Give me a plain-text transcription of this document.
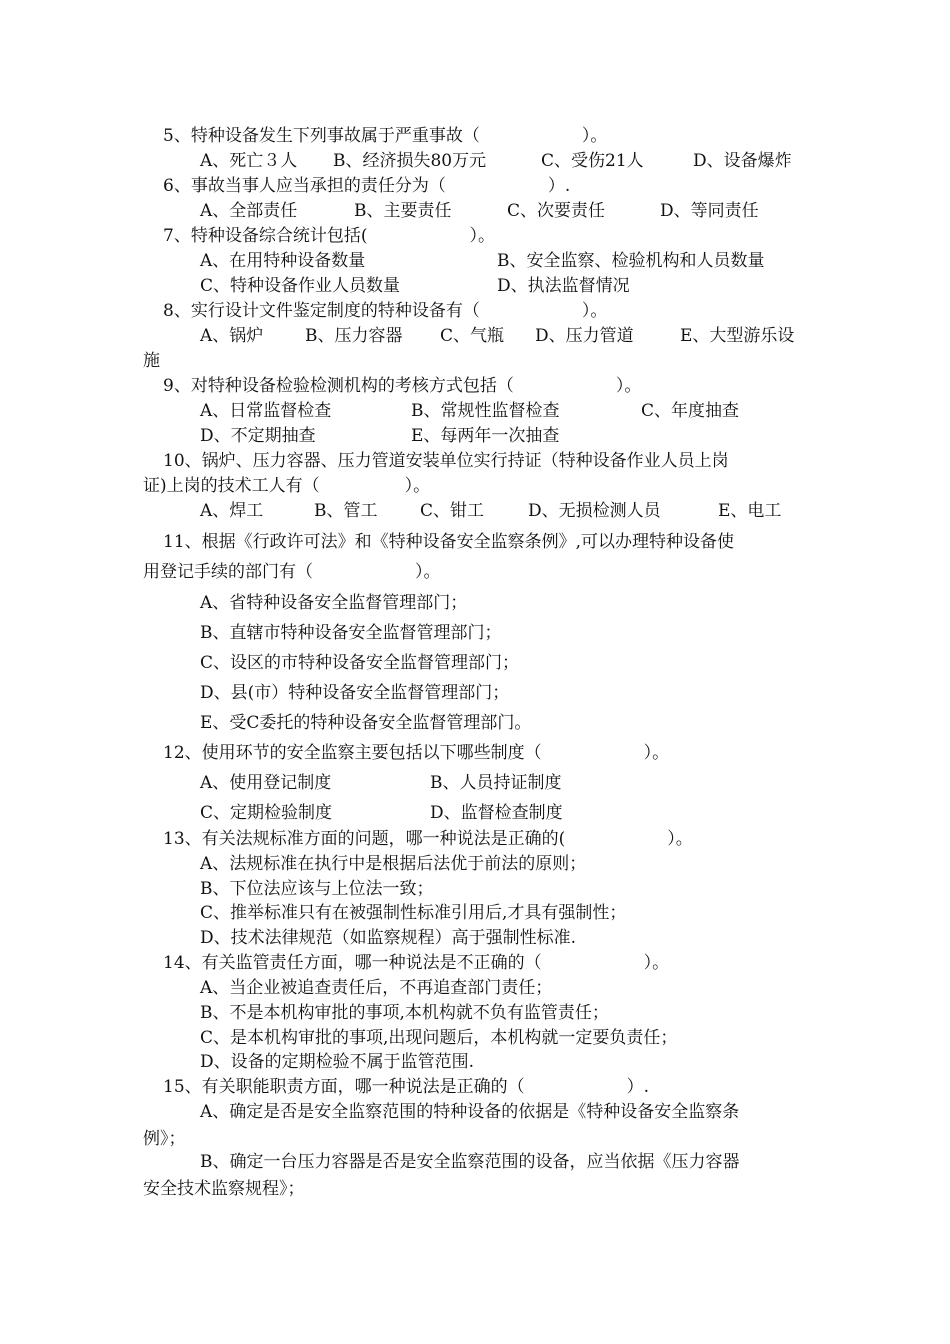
5、特种设备发生下列事故属于严重事故（　　　　　　）。
A、死亡３人 B、经济损失80万元	C、受伤21人	D、设备爆炸
6、事故当事人应当承担的责任分为（　　　　　　）.
A、全部责任	B、主要责任	C、次要责任	D、等同责任
7、特种设备综合统计包括(　　　　　　）。
A、在用特种设备数量	B、安全监察、检验机构和人员数量
C、特种设备作业人员数量	D、执法监督情况
8、实行设计文件鉴定制度的特种设备有（　　　　　　）。
A、锅炉 B、压力容器 C、气瓶 D、压力管道	E、大型游乐设
施
9、对特种设备检验检测机构的考核方式包括（　　　　　　）。
A、日常监督检查	B、常规性监督检查	C、年度抽查
D、不定期抽查	E、每两年一次抽查
10、锅炉、压力容器、压力管道安装单位实行持证（特种设备作业人员上岗
证)上岗的技术工人有（　　　　　）。
A、焊工	B、管工	C、钳工	D、无损检测人员	E、电工
11、根据《行政许可法》和《特种设备安全监察条例》,可以办理特种设备使
用登记手续的部门有（　　　　　　）。
A、省特种设备安全监督管理部门；
B、直辖市特种设备安全监督管理部门；
C、设区的市特种设备安全监督管理部门；
D、县(市）特种设备安全监督管理部门；
E、受C委托的特种设备安全监督管理部门。
12、使用环节的安全监察主要包括以下哪些制度（　　　　　　）。
A、使用登记制度	B、人员持证制度
C、定期检验制度	D、监督检查制度
13、有关法规标准方面的问题，哪一种说法是正确的(　　　　　　）。
A、法规标准在执行中是根据后法优于前法的原则；
B、下位法应该与上位法一致；
C、推举标准只有在被强制性标准引用后,才具有强制性；
D、技术法律规范（如监察规程）高于强制性标准.
14、有关监管责任方面，哪一种说法是不正确的（　　　　　　）。
A、当企业被追查责任后，不再追查部门责任；
B、不是本机构审批的事项,本机构就不负有监管责任；
C、是本机构审批的事项,出现问题后，本机构就一定要负责任；
D、设备的定期检验不属于监管范围.
15、有关职能职责方面，哪一种说法是正确的（　　　　　　）.
A、确定是否是安全监察范围的特种设备的依据是《特种设备安全监察条
例》；
B、确定一台压力容器是否是安全监察范围的设备，应当依据《压力容器
安全技术监察规程》；
